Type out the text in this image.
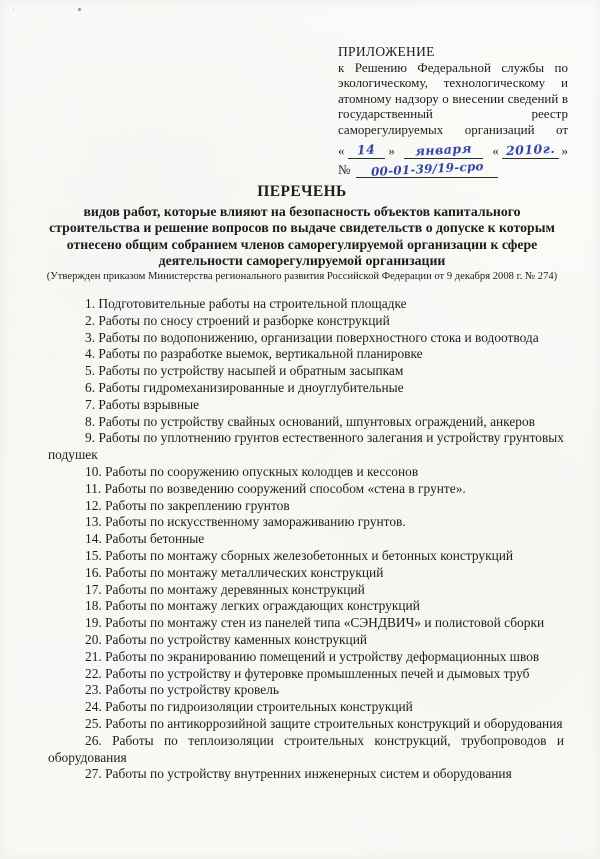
ПРИЛОЖЕНИЕ
к Решению Федеральной службы по экологическому, технологическому и атомному надзору о внесении сведений в государственный реестр саморегулируемых организаций от
« 14 »	января	« 2010г. »
№	00-01-39/19-сро
ПЕРЕЧЕНЬ
видов работ, которые влияют на безопасность объектов капитального строительства и решение вопросов по выдаче свидетельств о допуске к которым отнесено общим собранием членов саморегулируемой организации к сфере деятельности саморегулируемой организации
(Утвержден приказом Министерства регионального развития Российской Федерации от 9 декабря 2008 г. № 274)

1. Подготовительные работы на строительной площадке

2. Работы по сносу строений и разборке конструкций

3. Работы по водопонижению, организации поверхностного стока и водоотвода

4. Работы по разработке выемок, вертикальной планировке

5. Работы по устройству насыпей и обратным засыпкам

6. Работы гидромеханизированные и дноуглубительные

7. Работы взрывные

8. Работы по устройству свайных оснований, шпунтовых ограждений, анкеров

9. Работы по уплотнению грунтов естественного залегания и устройству грунтовых подушек

10. Работы по сооружению опускных колодцев и кессонов

11. Работы по возведению сооружений способом «стена в грунте».

12. Работы по закреплению грунтов

13. Работы по искусственному замораживанию грунтов.

14. Работы бетонные

15. Работы по монтажу сборных железобетонных и бетонных конструкций

16. Работы по монтажу металлических конструкций

17. Работы по монтажу деревянных конструкций

18. Работы по монтажу легких ограждающих конструкций

19. Работы по монтажу стен из панелей типа «СЭНДВИЧ» и полистовой сборки

20. Работы по устройству каменных конструкций

21. Работы по экранированию помещений и устройству деформационных швов

22. Работы по устройству и футеровке промышленных печей и дымовых труб

23. Работы по устройству кровель

24. Работы по гидроизоляции строительных конструкций

25. Работы по антикоррозийной защите строительных конструкций и оборудования

26. Работы по теплоизоляции строительных конструкций, трубопроводов и оборудования

27. Работы по устройству внутренних инженерных систем и оборудования
